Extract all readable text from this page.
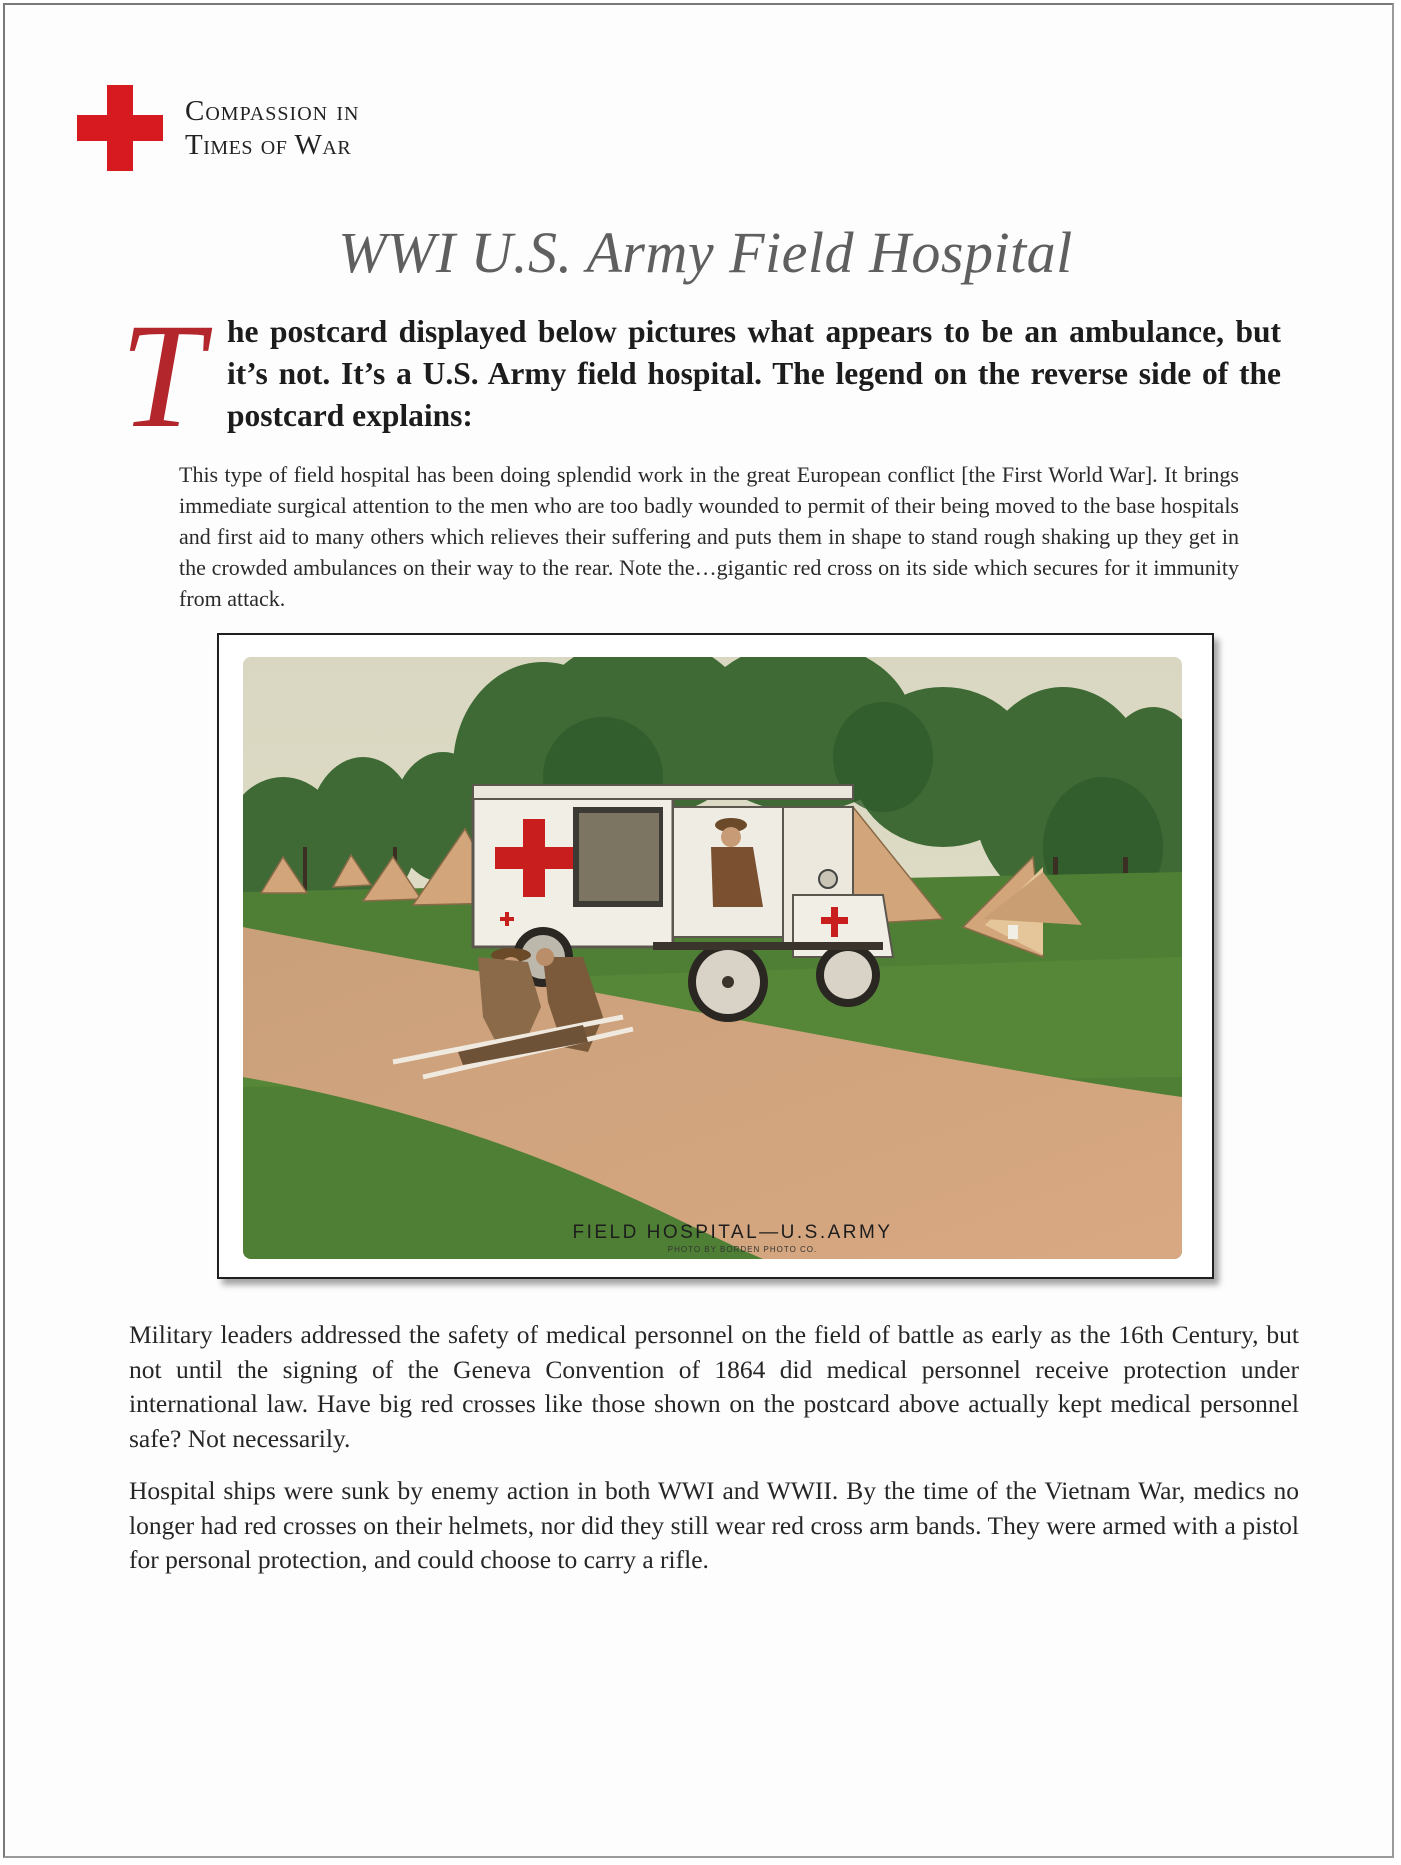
Compassion in
Times of War
WWI U.S. Army Field Hospital
T he postcard displayed below pictures what appears to be an ambulance, but it’s not. It’s a U.S. Army field hospital. The legend on the reverse side of the postcard explains:
This type of field hospital has been doing splendid work in the great European conflict [the First World War]. It brings immediate surgical attention to the men who are too badly wounded to permit of their being moved to the base hospitals and first aid to many others which relieves their suffering and puts them in shape to stand rough shaking up they get in the crowded ambulances on their way to the rear. Note the…gigantic red cross on its side which secures for it immunity from attack.
FIELD HOSPITAL—U.S.ARMY
PHOTO BY BORDEN PHOTO CO.
Military leaders addressed the safety of medical personnel on the field of battle as early as the 16th Century, but not until the signing of the Geneva Convention of 1864 did medical personnel receive protection under international law. Have big red crosses like those shown on the postcard above actually kept medical personnel safe? Not necessarily.
Hospital ships were sunk by enemy action in both WWI and WWII. By the time of the Vietnam War, medics no longer had red crosses on their helmets, nor did they still wear red cross arm bands. They were armed with a pistol for personal protection, and could choose to carry a rifle.
